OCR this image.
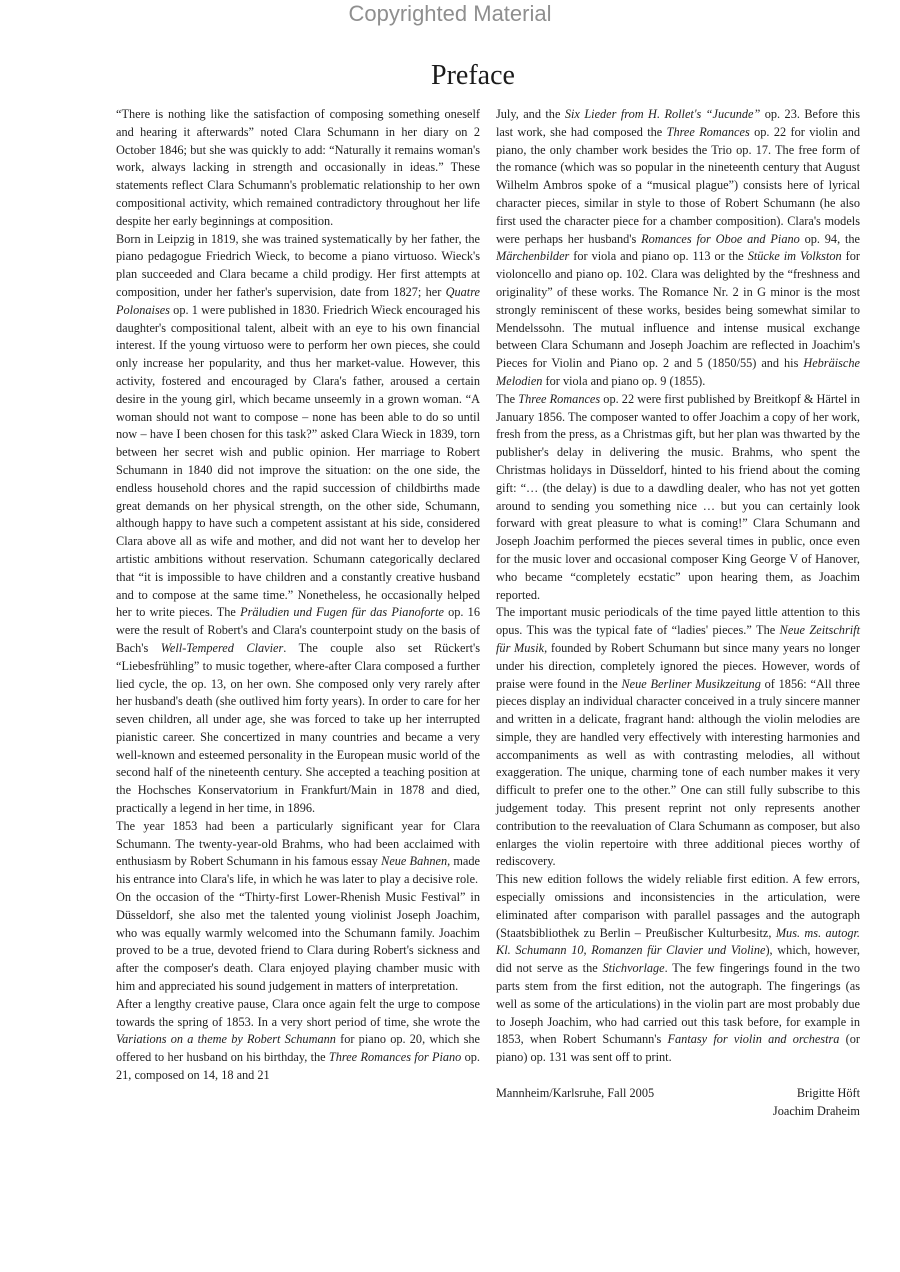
Copyrighted Material
Preface

“There is nothing like the satisfaction of composing something oneself and hearing it afterwards” noted Clara Schumann in her diary on 2 October 1846; but she was quickly to add: “Naturally it remains woman's work, always lacking in strength and occasionally in ideas.” These statements reflect Clara Schumann's problematic relationship to her own compositional activity, which remained contradictory throughout her life despite her early beginnings at composition.

Born in Leipzig in 1819, she was trained systematically by her father, the piano pedagogue Friedrich Wieck, to become a piano virtuoso. Wieck's plan succeeded and Clara became a child prodigy. Her first attempts at composition, under her father's supervision, date from 1827; her Quatre Polonaises op. 1 were published in 1830. Friedrich Wieck encouraged his daughter's compositional talent, albeit with an eye to his own financial interest. If the young virtuoso were to perform her own pieces, she could only increase her popularity, and thus her market-value. However, this activity, fostered and encouraged by Clara's father, aroused a certain desire in the young girl, which became unseemly in a grown woman. “A woman should not want to compose – none has been able to do so until now – have I been chosen for this task?” asked Clara Wieck in 1839, torn between her secret wish and public opinion. Her marriage to Robert Schumann in 1840 did not improve the situation: on the one side, the endless household chores and the rapid succession of childbirths made great demands on her physical strength, on the other side, Schumann, although happy to have such a competent assistant at his side, considered Clara above all as wife and mother, and did not want her to develop her artistic ambitions without reservation. Schumann categorically declared that “it is impossible to have children and a constantly creative husband and to compose at the same time.” Nonetheless, he occasionally helped her to write pieces. The Präludien und Fugen für das Pianoforte op. 16 were the result of Robert's and Clara's counterpoint study on the basis of Bach's Well-Tempered Clavier. The couple also set Rückert's “Liebesfrühling” to music together, where-after Clara composed a further lied cycle, the op. 13, on her own. She composed only very rarely after her husband's death (she outlived him forty years). In order to care for her seven children, all under age, she was forced to take up her interrupted pianistic career. She concertized in many countries and became a very well-known and esteemed personality in the European music world of the second half of the nineteenth century. She accepted a teaching position at the Hochsches Konservatorium in Frankfurt/Main in 1878 and died, practically a legend in her time, in 1896.

The year 1853 had been a particularly significant year for Clara Schumann. The twenty-year-old Brahms, who had been acclaimed with enthusiasm by Robert Schumann in his famous essay Neue Bahnen, made his entrance into Clara's life, in which he was later to play a decisive role.

On the occasion of the “Thirty-first Lower-Rhenish Music Festival” in Düsseldorf, she also met the talented young violinist Joseph Joachim, who was equally warmly welcomed into the Schumann family. Joachim proved to be a true, devoted friend to Clara during Robert's sickness and after the composer's death. Clara enjoyed playing chamber music with him and appreciated his sound judgement in matters of interpretation.

After a lengthy creative pause, Clara once again felt the urge to compose towards the spring of 1853. In a very short period of time, she wrote the Variations on a theme by Robert Schumann for piano op. 20, which she offered to her husband on his birthday, the Three Romances for Piano op. 21, composed on 14, 18 and 21

July, and the Six Lieder from H. Rollet's “Jucunde” op. 23. Before this last work, she had composed the Three Romances op. 22 for violin and piano, the only chamber work besides the Trio op. 17. The free form of the romance (which was so popular in the nineteenth century that August Wilhelm Ambros spoke of a “musical plague”) consists here of lyrical character pieces, similar in style to those of Robert Schumann (he also first used the character piece for a chamber composition). Clara's models were perhaps her husband's Romances for Oboe and Piano op. 94, the Märchenbilder for viola and piano op. 113 or the Stücke im Volkston for violoncello and piano op. 102. Clara was delighted by the “freshness and originality” of these works. The Romance Nr. 2 in G minor is the most strongly reminiscent of these works, besides being somewhat similar to Mendelssohn. The mutual influence and intense musical exchange between Clara Schumann and Joseph Joachim are reflected in Joachim's Pieces for Violin and Piano op. 2 and 5 (1850/55) and his Hebräische Melodien for viola and piano op. 9 (1855).

The Three Romances op. 22 were first published by Breitkopf & Härtel in January 1856. The composer wanted to offer Joachim a copy of her work, fresh from the press, as a Christmas gift, but her plan was thwarted by the publisher's delay in delivering the music. Brahms, who spent the Christmas holidays in Düsseldorf, hinted to his friend about the coming gift: “… (the delay) is due to a dawdling dealer, who has not yet gotten around to sending you something nice … but you can certainly look forward with great pleasure to what is coming!” Clara Schumann and Joseph Joachim performed the pieces several times in public, once even for the music lover and occasional composer King George V of Hanover, who became “completely ecstatic” upon hearing them, as Joachim reported.

The important music periodicals of the time payed little attention to this opus. This was the typical fate of “ladies' pieces.” The Neue Zeitschrift für Musik, founded by Robert Schumann but since many years no longer under his direction, completely ignored the pieces. However, words of praise were found in the Neue Berliner Musikzeitung of 1856: “All three pieces display an individual character conceived in a truly sincere manner and written in a delicate, fragrant hand: although the violin melodies are simple, they are handled very effectively with interesting harmonies and accompaniments as well as with contrasting melodies, all without exaggeration. The unique, charming tone of each number makes it very difficult to prefer one to the other.” One can still fully subscribe to this judgement today. This present reprint not only represents another contribution to the reevaluation of Clara Schumann as composer, but also enlarges the violin repertoire with three additional pieces worthy of rediscovery.

This new edition follows the widely reliable first edition. A few errors, especially omissions and inconsistencies in the articulation, were eliminated after comparison with parallel passages and the autograph (Staatsbibliothek zu Berlin – Preußischer Kulturbesitz, Mus. ms. autogr. Kl. Schumann 10, Romanzen für Clavier und Violine), which, however, did not serve as the Stichvorlage. The few fingerings found in the two parts stem from the first edition, not the autograph. The fingerings (as well as some of the articulations) in the violin part are most probably due to Joseph Joachim, who had carried out this task before, for example in 1853, when Robert Schumann's Fantasy for violin and orchestra (or piano) op. 131 was sent off to print.

Mannheim/Karlsruhe, Fall 2005	Brigitte Höft
Joachim Draheim
